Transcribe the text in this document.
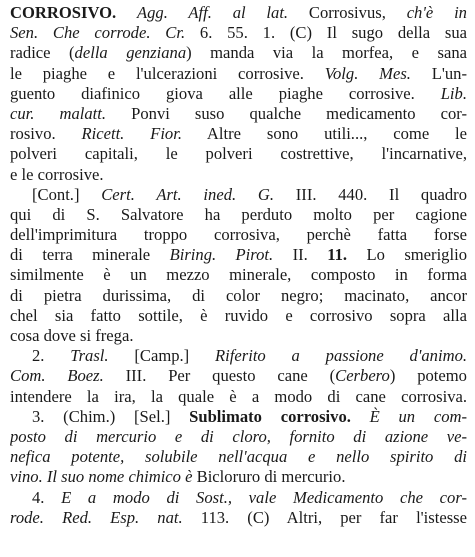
CORROSIVO. Agg. Aff. al lat. Corrosivus, ch'è in
Sen. Che corrode. Cr. 6. 55. 1. (C) Il sugo della sua
radice (della genziana) manda via la morfea, e sana
le piaghe e l'ulcerazioni corrosive. Volg. Mes. L'un-
guento diafinico giova alle piaghe corrosive. Lib.
cur. malatt. Ponvi suso qualche medicamento cor-
rosivo. Ricett. Fior. Altre sono utili..., come le
polveri capitali, le polveri costrettive, l'incarnative,
e le corrosive.
[Cont.] Cert. Art. ined. G. III. 440. Il quadro
qui di S. Salvatore ha perduto molto per cagione
dell'imprimitura troppo corrosiva, perchè fatta forse
di terra minerale Biring. Pirot. II. 11. Lo smeriglio
similmente è un mezzo minerale, composto in forma
di pietra durissima, di color negro; macinato, ancor
chel sia fatto sottile, è ruvido e corrosivo sopra alla
cosa dove si frega.
2. Trasl. [Camp.] Riferito a passione d'animo.
Com. Boez. III. Per questo cane (Cerbero) potemo
intendere la ira, la quale è a modo di cane corrosiva.
3. (Chim.) [Sel.] Sublimato corrosivo. È un com-
posto di mercurio e di cloro, fornito di azione ve-
nefica potente, solubile nell'acqua e nello spirito di
vino. Il suo nome chimico è Bicloruro di mercurio.
4. E a modo di Sost., vale Medicamento che cor-
rode. Red. Esp. nat. 113. (C) Altri, per far l'istesse
